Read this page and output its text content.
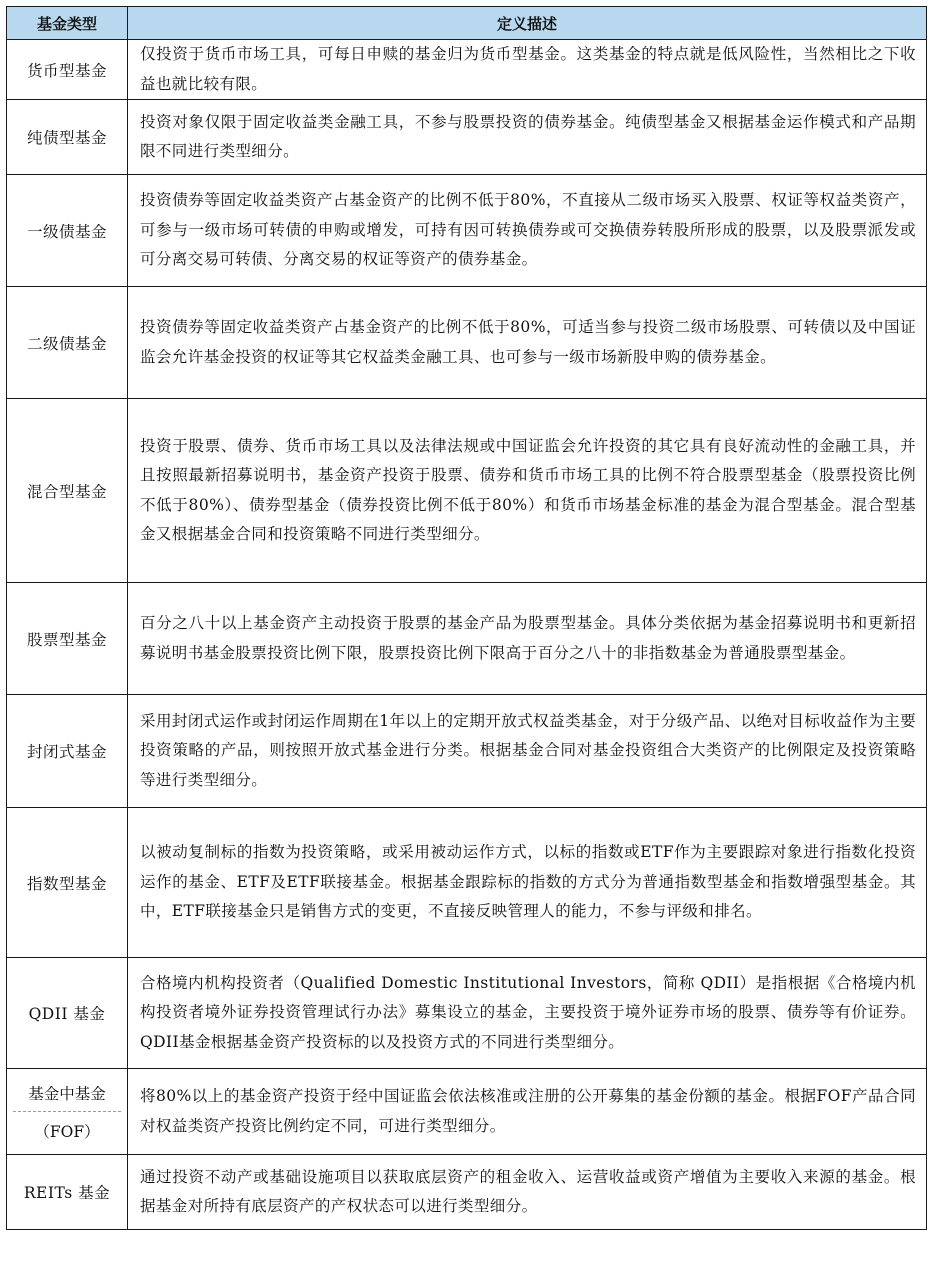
基金类型	定义描述
货币型基金	仅投资于货币市场工具，可每日申赎的基金归为货币型基金。这类基金的特点就是低风险性，当然相比之下收益也就比较有限。
纯债型基金	投资对象仅限于固定收益类金融工具，不参与股票投资的债券基金。纯债型基金又根据基金运作模式和产品期限不同进行类型细分。
一级债基金	投资债券等固定收益类资产占基金资产的比例不低于80%，不直接从二级市场买入股票、权证等权益类资产，可参与一级市场可转债的申购或增发，可持有因可转换债券或可交换债券转股所形成的股票，以及股票派发或可分离交易可转债、分离交易的权证等资产的债券基金。
二级债基金	投资债券等固定收益类资产占基金资产的比例不低于80%，可适当参与投资二级市场股票、可转债以及中国证监会允许基金投资的权证等其它权益类金融工具、也可参与一级市场新股申购的债券基金。
混合型基金	投资于股票、债券、货币市场工具以及法律法规或中国证监会允许投资的其它具有良好流动性的金融工具，并且按照最新招募说明书，基金资产投资于股票、债券和货币市场工具的比例不符合股票型基金（股票投资比例不低于80%）、债券型基金（债券投资比例不低于80%）和货币市场基金标准的基金为混合型基金。混合型基金又根据基金合同和投资策略不同进行类型细分。
股票型基金	百分之八十以上基金资产主动投资于股票的基金产品为股票型基金。具体分类依据为基金招募说明书和更新招募说明书基金股票投资比例下限，股票投资比例下限高于百分之八十的非指数基金为普通股票型基金。
封闭式基金	采用封闭式运作或封闭运作周期在1年以上的定期开放式权益类基金，对于分级产品、以绝对目标收益作为主要投资策略的产品，则按照开放式基金进行分类。根据基金合同对基金投资组合大类资产的比例限定及投资策略等进行类型细分。
指数型基金	以被动复制标的指数为投资策略，或采用被动运作方式，以标的指数或ETF作为主要跟踪对象进行指数化投资运作的基金、ETF及ETF联接基金。根据基金跟踪标的指数的方式分为普通指数型基金和指数增强型基金。其中，ETF联接基金只是销售方式的变更，不直接反映管理人的能力，不参与评级和排名。
QDII 基金	合格境内机构投资者（Qualified Domestic Institutional Investors，简称 QDII）是指根据《合格境内机构投资者境外证券投资管理试行办法》募集设立的基金，主要投资于境外证券市场的股票、债券等有价证券。QDII基金根据基金资产投资标的以及投资方式的不同进行类型细分。

基金中基金
（FOF）	将80%以上的基金资产投资于经中国证监会依法核准或注册的公开募集的基金份额的基金。根据FOF产品合同对权益类资产投资比例约定不同，可进行类型细分。
REITs 基金	通过投资不动产或基础设施项目以获取底层资产的租金收入、运营收益或资产增值为主要收入来源的基金。根据基金对所持有底层资产的产权状态可以进行类型细分。
